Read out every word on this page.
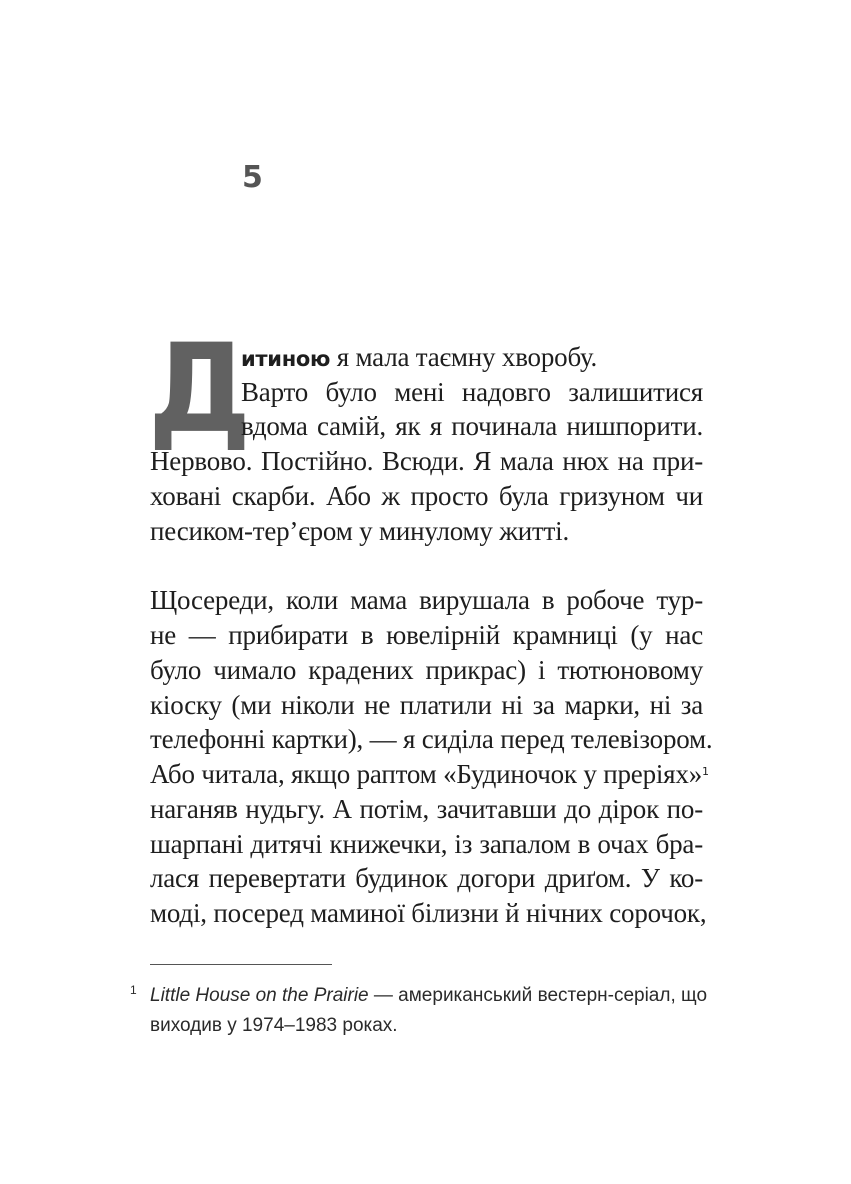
5
Д
итиною я мала таємну хворобу.
Варто було мені надовго залишитися
вдома самій, як я починала нишпорити.
Нервово. Постійно. Всюди. Я мала нюх на при-
ховані скарби. Або ж просто була гризуном чи
песиком-тер’єром у минулому житті.
Щосереди, коли мама вирушала в робоче тур-
не — прибирати в ювелірній крамниці (у нас
було чимало крадених прикрас) і тютюновому
кіоску (ми ніколи не платили ні за марки, ні за
телефонні картки), — я сиділа перед телевізором.
Або читала, якщо раптом «Будиночок у преріях»$^1$
наганяв нудьгу. А потім, зачитавши до дірок по-
шарпані дитячі книжечки, із запалом в очах бра-
лася перевертати будинок догори дриґом. У ко-
моді, посеред маминої білизни й нічних сорочок,
1 Little House on the Prairie — американський вестерн-серіал, що
виходив у 1974–1983 роках.
